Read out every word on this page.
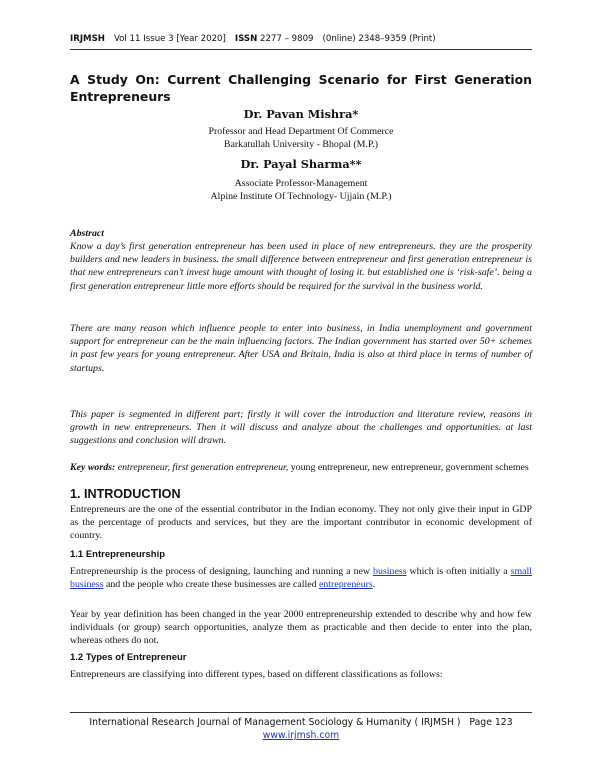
IRJMSH Vol 11 Issue 3 [Year 2020] ISSN 2277 – 9809 (0nline) 2348–9359 (Print)
A Study On: Current Challenging Scenario for First Generation Entrepreneurs
Dr. Pavan Mishra*
Professor and Head Department Of Commerce
Barkatullah University - Bhopal (M.P.)
Dr. Payal Sharma**
Associate Professor-Management
Alpine Institute Of Technology- Ujjain (M.P.)
Abstract
Know a day’s first generation entrepreneur has been used in place of new entrepreneurs. they are the prosperity builders and new leaders in business. the small difference between entrepreneur and first generation entrepreneur is that new entrepreneurs can’t invest huge amount with thought of losing it. but established one is ‘risk-safe’. being a first generation entrepreneur little more efforts should be required for the survival in the business world.
There are many reason which influence people to enter into business, in India unemployment and government support for entrepreneur can be the main influencing factors. The Indian government has started over 50+ schemes in past few years for young entrepreneur. After USA and Britain, India is also at third place in terms of number of startups.
This paper is segmented in different part; firstly it will cover the introduction and literature review, reasons in growth in new entrepreneurs. Then it will discuss and analyze about the challenges and opportunities. at last suggestions and conclusion will drawn.
Key words: entrepreneur, first generation entrepreneur, young entrepreneur, new entrepreneur, government schemes
1. INTRODUCTION
Entrepreneurs are the one of the essential contributor in the Indian economy. They not only give their input in GDP as the percentage of products and services, but they are the important contributor in economic development of country.
1.1 Entrepreneurship
Entrepreneurship is the process of designing, launching and running a new business which is often initially a small business and the people who create these businesses are called entrepreneurs.
Year by year definition has been changed in the year 2000 entrepreneurship extended to describe why and how few individuals (or group) search opportunities, analyze them as practicable and then decide to enter into the plan, whereas others do not.
1.2 Types of Entrepreneur
Entrepreneurs are classifying into different types, based on different classifications as follows:
International Research Journal of Management Sociology & Humanity ( IRJMSH ) Page 123
www.irjmsh.com
